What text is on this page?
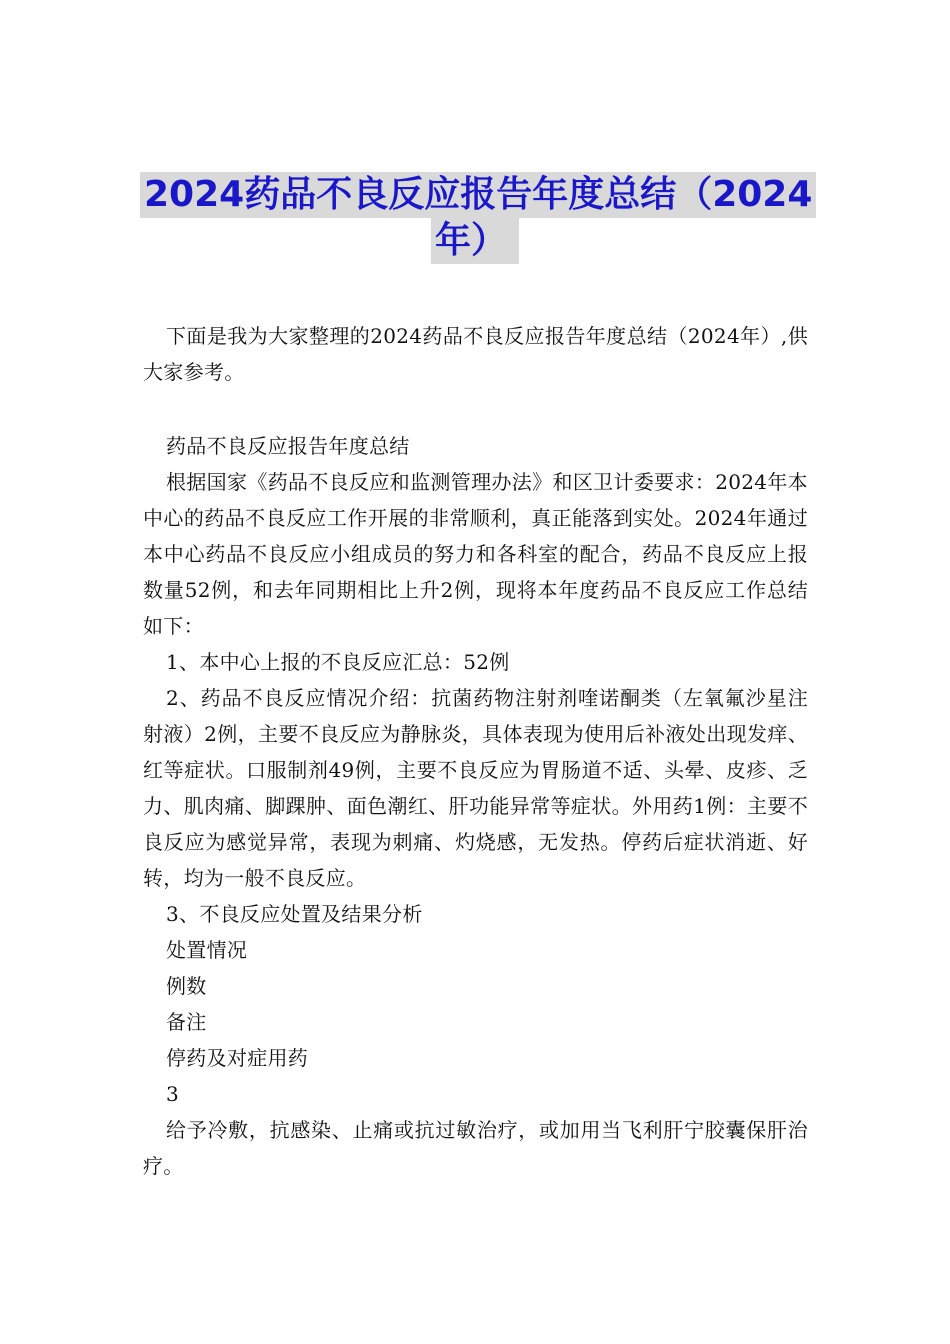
2024药品不良反应报告年度总结（2024
年）

下面是我为大家整理的2024药品不良反应报告年度总结（2024年）,供大家参考。

药品不良反应报告年度总结

根据国家《药品不良反应和监测管理办法》和区卫计委要求：2024年本中心的药品不良反应工作开展的非常顺利，真正能落到实处。2024年通过本中心药品不良反应小组成员的努力和各科室的配合，药品不良反应上报数量52例，和去年同期相比上升2例，现将本年度药品不良反应工作总结如下：

1、本中心上报的不良反应汇总：52例

2、药品不良反应情况介绍：抗菌药物注射剂喹诺酮类（左氧氟沙星注射液）2例，主要不良反应为静脉炎，具体表现为使用后补液处出现发痒、红等症状。口服制剂49例，主要不良反应为胃肠道不适、头晕、皮疹、乏力、肌肉痛、脚踝肿、面色潮红、肝功能异常等症状。外用药1例：主要不良反应为感觉异常，表现为刺痛、灼烧感，无发热。停药后症状消逝、好转，均为一般不良反应。

3、不良反应处置及结果分析

处置情况

例数

备注

停药及对症用药

3

给予冷敷，抗感染、止痛或抗过敏治疗，或加用当飞利肝宁胶囊保肝治疗。
